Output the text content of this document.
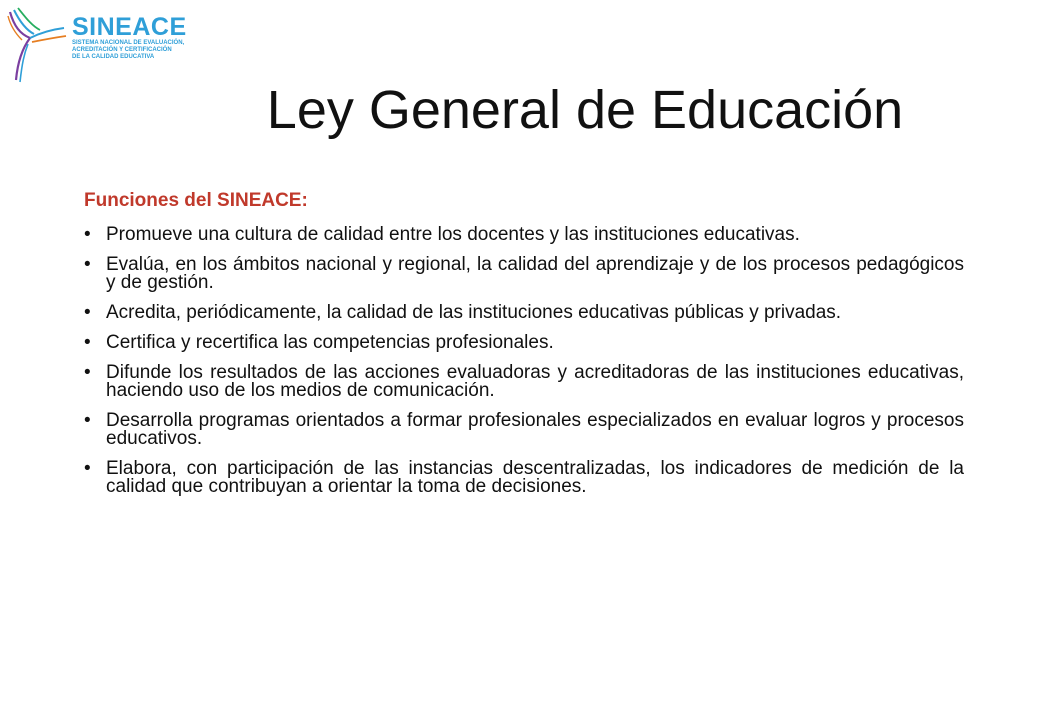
SINEACE
SISTEMA NACIONAL DE EVALUACIÓN,
ACREDITACIÓN Y CERTIFICACIÓN
DE LA CALIDAD EDUCATIVA
Ley General de Educación

Funciones del SINEACE:

• Promueve una cultura de calidad entre los docentes y las instituciones educativas.
• Evalúa, en los ámbitos nacional y regional, la calidad del aprendizaje y de los procesos pedagógicos y de gestión.
• Acredita, periódicamente, la calidad de las instituciones educativas públicas y privadas.
• Certifica y recertifica las competencias profesionales.
• Difunde los resultados de las acciones evaluadoras y acreditadoras de las instituciones educativas, haciendo uso de los medios de comunicación.
• Desarrolla programas orientados a formar profesionales especializados en evaluar logros y procesos educativos.
• Elabora, con participación de las instancias descentralizadas, los indicadores de medición de la calidad que contribuyan a orientar la toma de decisiones.
